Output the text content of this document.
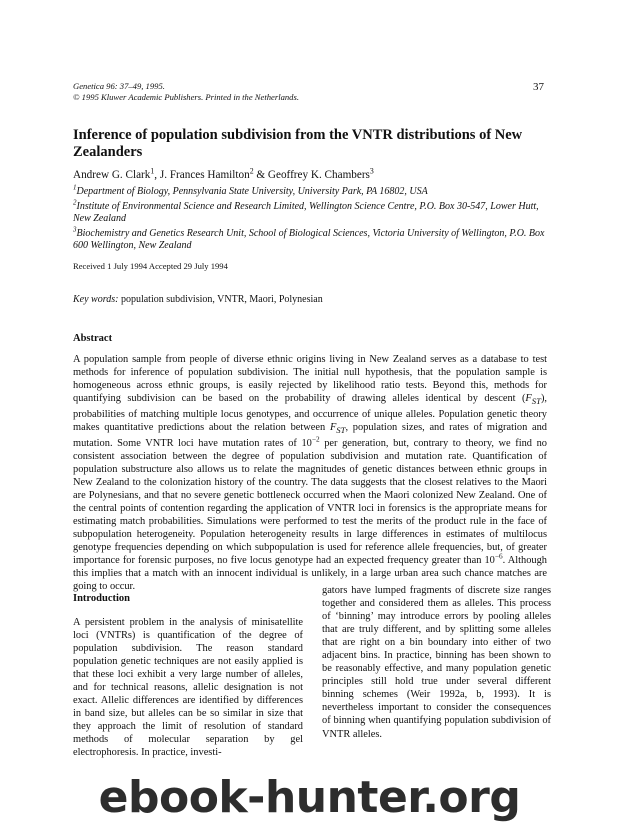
Genetica 96: 37–49, 1995.
© 1995 Kluwer Academic Publishers. Printed in the Netherlands.
37
Inference of population subdivision from the VNTR distributions of New Zealanders
Andrew G. Clark$^1$, J. Frances Hamilton$^2$ & Geoffrey K. Chambers$^3$
$^1$Department of Biology, Pennsylvania State University, University Park, PA 16802, USA
$^2$Institute of Environmental Science and Research Limited, Wellington Science Centre, P.O. Box 30-547, Lower Hutt, New Zealand
$^3$Biochemistry and Genetics Research Unit, School of Biological Sciences, Victoria University of Wellington, P.O. Box 600 Wellington, New Zealand
Received 1 July 1994 Accepted 29 July 1994
Key words: population subdivision, VNTR, Maori, Polynesian
Abstract

A population sample from people of diverse ethnic origins living in New Zealand serves as a database to test methods for inference of population subdivision. The initial null hypothesis, that the population sample is homogeneous across ethnic groups, is easily rejected by likelihood ratio tests. Beyond this, methods for quantifying subdivision can be based on the probability of drawing alleles identical by descent $(F_{ST})$, probabilities of matching multiple locus genotypes, and occurrence of unique alleles. Population genetic theory makes quantitative predictions about the relation between $F_{ST}$, population sizes, and rates of migration and mutation. Some VNTR loci have mutation rates of $10^{-2}$ per generation, but, contrary to theory, we find no consistent association between the degree of population subdivision and mutation rate. Quantification of population substructure also allows us to relate the magnitudes of genetic distances between ethnic groups in New Zealand to the colonization history of the country. The data suggests that the closest relatives to the Maori are Polynesians, and that no severe genetic bottleneck occurred when the Maori colonized New Zealand. One of the central points of contention regarding the application of VNTR loci in forensics is the appropriate means for estimating match probabilities. Simulations were performed to test the merits of the product rule in the face of subpopulation heterogeneity. Population heterogeneity results in large differences in estimates of multilocus genotype frequencies depending on which subpopulation is used for reference allele frequencies, but, of greater importance for forensic purposes, no five locus genotype had an expected frequency greater than $10^{-6}$. Although this implies that a match with an innocent individual is unlikely, in a large urban area such chance matches are going to occur.

Introduction

A persistent problem in the analysis of minisatellite loci (VNTRs) is quantification of the degree of population subdivision. The reason standard population genetic techniques are not easily applied is that these loci exhibit a very large number of alleles, and for technical reasons, allelic designation is not exact. Allelic differences are identified by differences in band size, but alleles can be so similar in size that they approach the limit of resolution of standard methods of molecular separation by gel electrophoresis. In practice, investi-

gators have lumped fragments of discrete size ranges together and considered them as alleles. This process of ‘binning’ may introduce errors by pooling alleles that are truly different, and by splitting some alleles that are right on a bin boundary into either of two adjacent bins. In practice, binning has been shown to be reasonably effective, and many population genetic principles still hold true under several different binning schemes (Weir 1992a, b, 1993). It is nevertheless important to consider the consequences of binning when quantifying population subdivision of VNTR alleles.

ebook-hunter.org
